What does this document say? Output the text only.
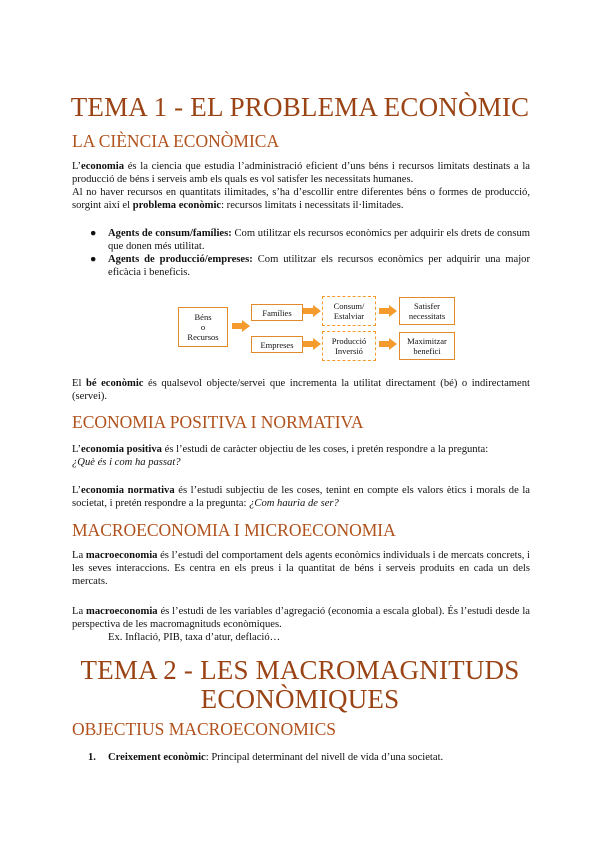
TEMA 1 - EL PROBLEMA ECONÒMIC
LA CIÈNCIA ECONÒMICA

L’economia és la ciencia que estudia l’administració eficient d’uns béns i recursos limitats destinats a la producció de béns i serveis amb els quals es vol satisfer les necessitats humanes.

Al no haver recursos en quantitats ilimitades, s’ha d’escollir entre diferentes béns o formes de producció, sorgint així el problema econòmic: recursos limitats i necessitats il·limitades.

● Agents de consum/famílies: Com utilitzar els recursos econòmics per adquirir els drets de consum que donen més utilitat.
● Agents de producció/empreses: Com utilitzar els recursos econòmics per adquirir una major eficàcia i beneficis.
Béns
o
Recursos
Famílies
Consum/
Estalviar
Satisfer
necessitats
Empreses	Producció
Inversió
Maximitzar
benefici

El bé econòmic és qualsevol objecte/servei que incrementa la utilitat directament (bé) o indirectament (servei).

ECONOMIA POSITIVA I NORMATIVA

L’economia positiva és l’estudi de caràcter objectiu de les coses, i pretén respondre a la pregunta:
¿Què és i com ha passat?

L’economia normativa és l’estudi subjectiu de les coses, tenint en compte els valors ètics i morals de la societat, i pretén respondre a la pregunta: ¿Com hauria de ser?

MACROECONOMIA I MICROECONOMIA

La macroeconomia és l’estudi del comportament dels agents econòmics individuals i de mercats concrets, i les seves interaccions. Es centra en els preus i la quantitat de béns i serveis produits en cada un dels mercats.

La macroeconomia és l’estudi de les variables d’agregació (economia a escala global). És l’estudi desde la perspectiva de les macromagnituds econòmiques.

Ex. Inflació, PIB, taxa d’atur, deflació…

TEMA 2 - LES MACROMAGNITUDS
ECONÒMIQUES
OBJECTIUS MACROECONOMICS
1. Creixement econòmic: Principal determinant del nivell de vida d’una societat.
